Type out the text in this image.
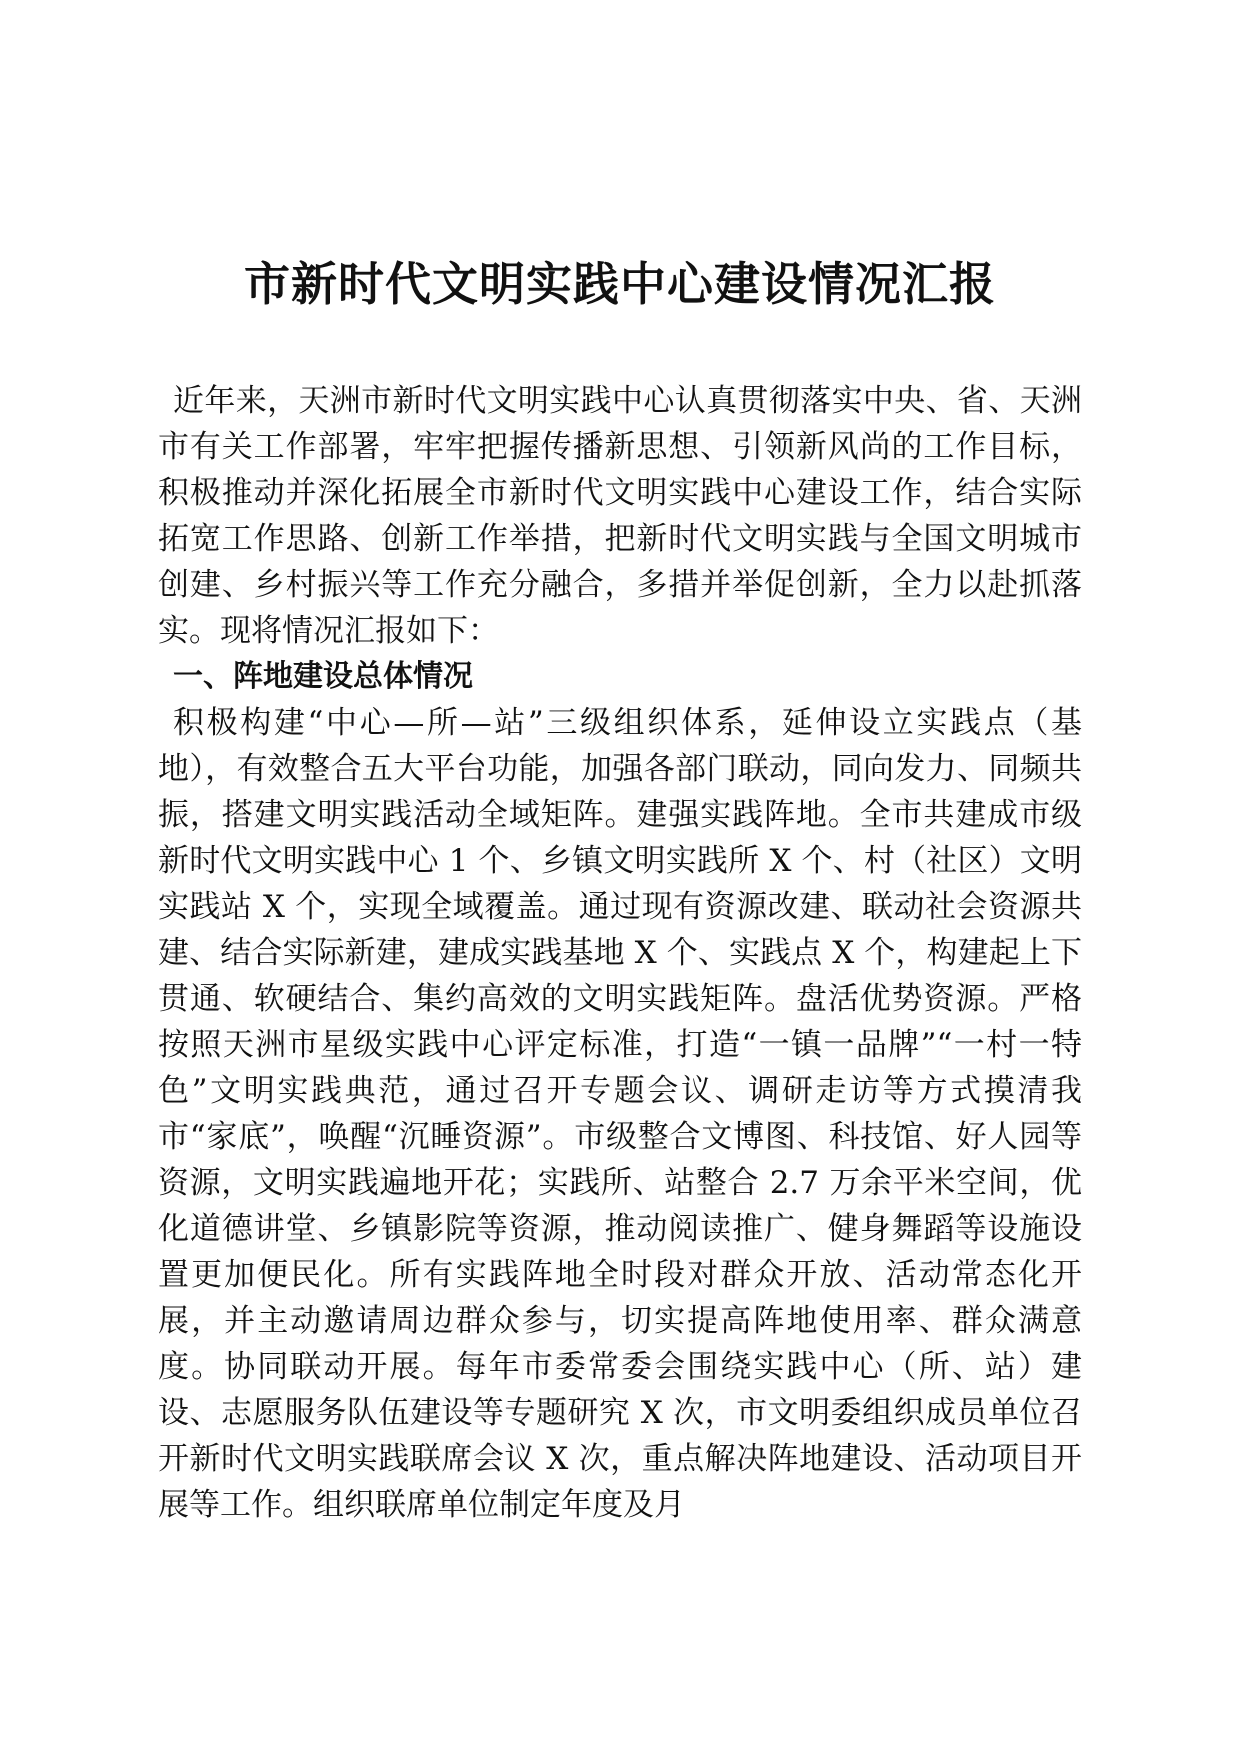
市新时代文明实践中心建设情况汇报

近年来，天洲市新时代文明实践中心认真贯彻落实中央、省、天洲市有关工作部署，牢牢把握传播新思想、引领新风尚的工作目标，积极推动并深化拓展全市新时代文明实践中心建设工作，结合实际拓宽工作思路、创新工作举措，把新时代文明实践与全国文明城市创建、乡村振兴等工作充分融合，多措并举促创新，全力以赴抓落实。现将情况汇报如下：

一、阵地建设总体情况

积极构建“中心—所—站”三级组织体系，延伸设立实践点（基地），有效整合五大平台功能，加强各部门联动，同向发力、同频共振，搭建文明实践活动全域矩阵。建强实践阵地。全市共建成市级新时代文明实践中心 1 个、乡镇文明实践所 X 个、村（社区）文明实践站 X 个，实现全域覆盖。通过现有资源改建、联动社会资源共建、结合实际新建，建成实践基地 X 个、实践点 X 个，构建起上下贯通、软硬结合、集约高效的文明实践矩阵。盘活优势资源。严格按照天洲市星级实践中心评定标准，打造“一镇一品牌”“一村一特色”文明实践典范，通过召开专题会议、调研走访等方式摸清我市“家底”，唤醒“沉睡资源”。市级整合文博图、科技馆、好人园等资源，文明实践遍地开花；实践所、站整合 2.7 万余平米空间，优化道德讲堂、乡镇影院等资源，推动阅读推广、健身舞蹈等设施设置更加便民化。所有实践阵地全时段对群众开放、活动常态化开展，并主动邀请周边群众参与，切实提高阵地使用率、群众满意度。协同联动开展。每年市委常委会围绕实践中心（所、站）建设、志愿服务队伍建设等专题研究 X 次，市文明委组织成员单位召开新时代文明实践联席会议 X 次，重点解决阵地建设、活动项目开展等工作。组织联席单位制定年度及月
